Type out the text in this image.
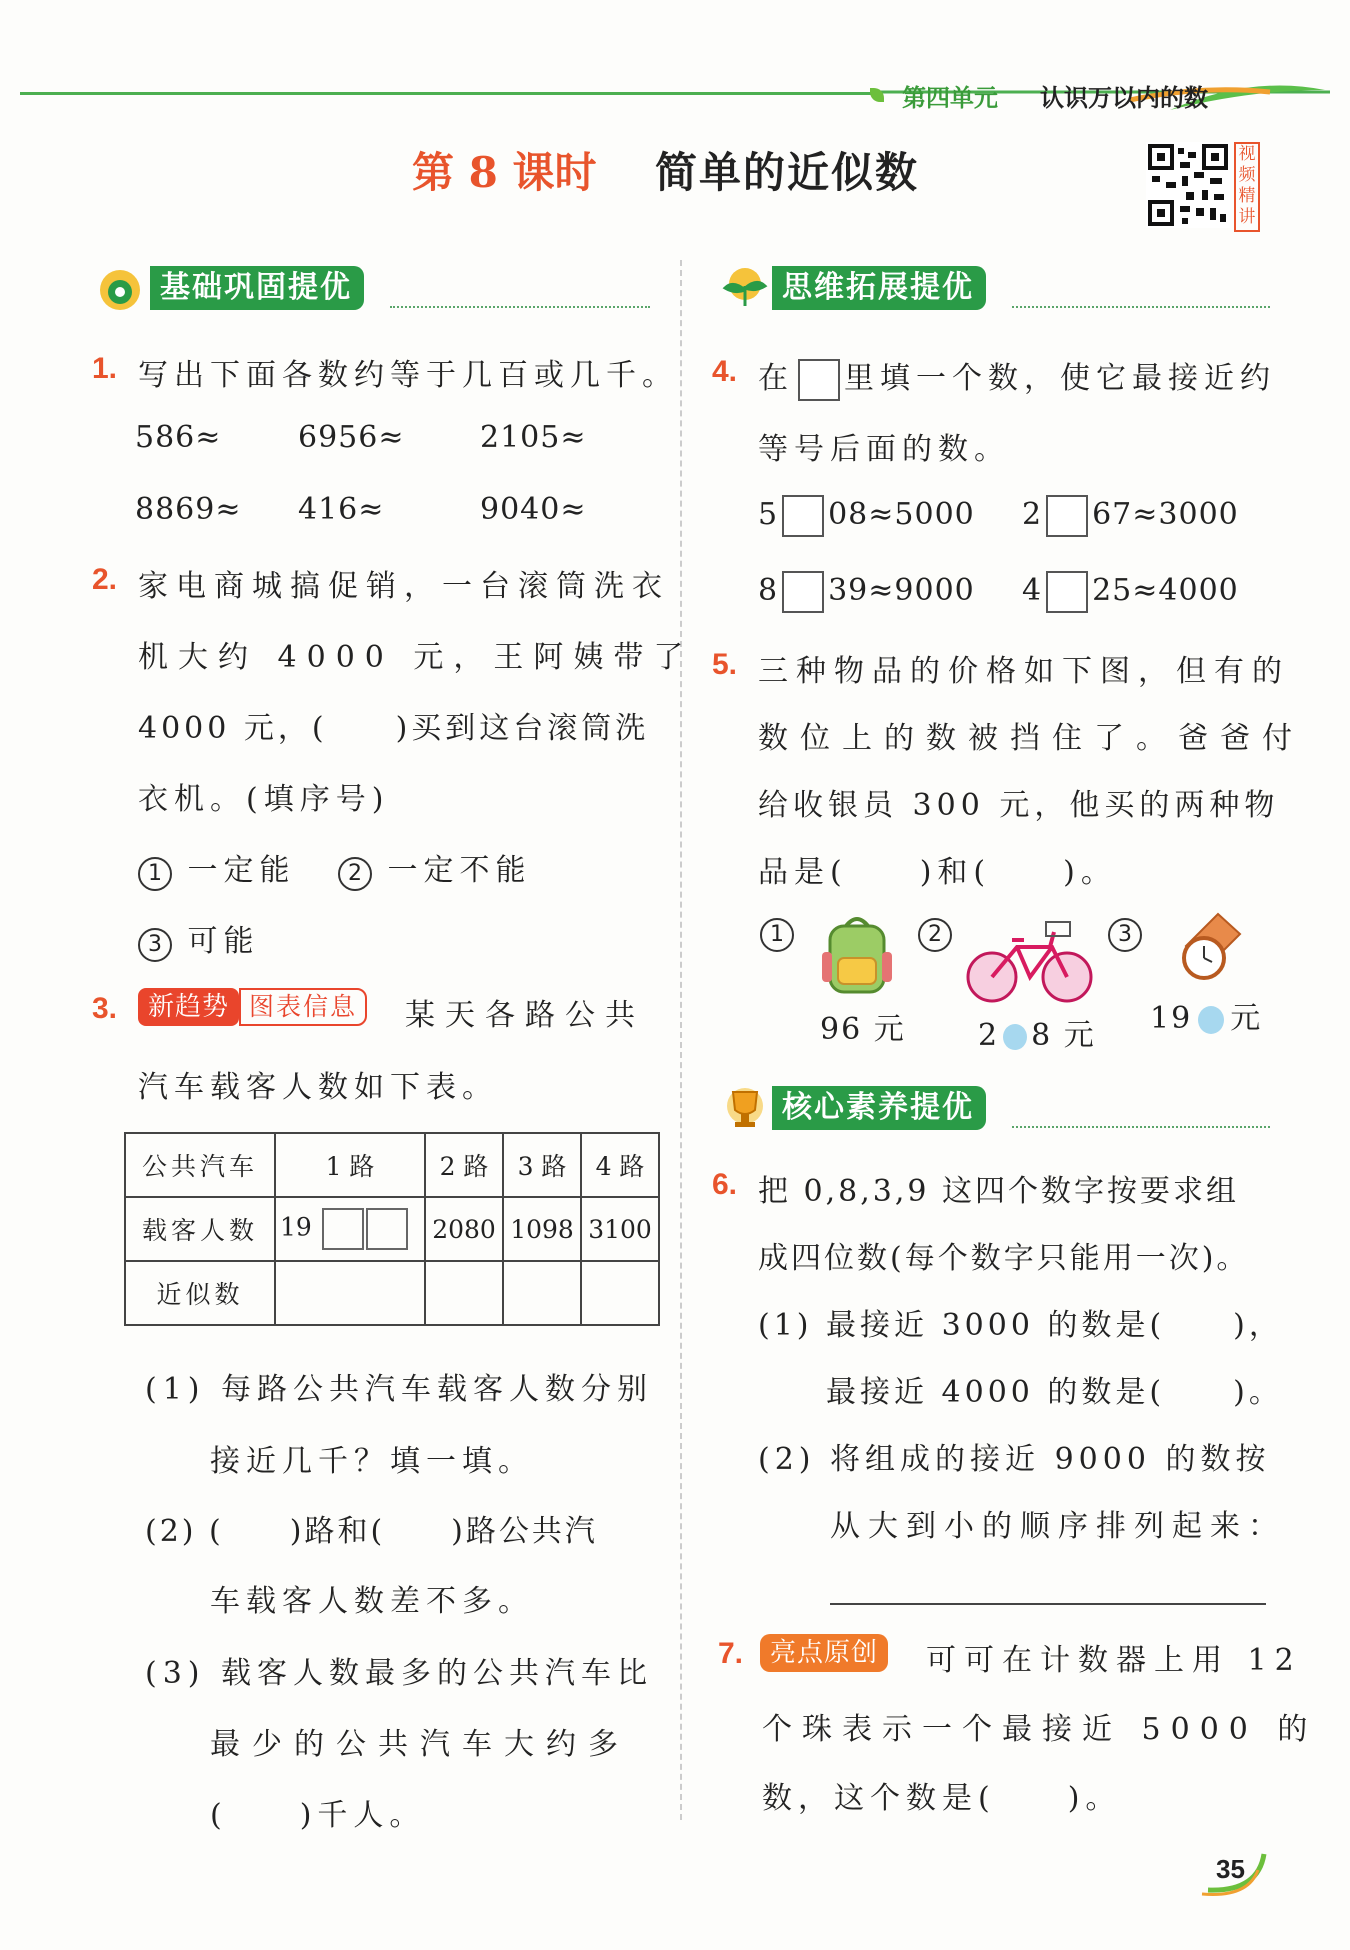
第四单元 认识万以内的数
第 8 课时 简单的近似数	视频精讲
基础巩固提优
1. 写出下面各数约等于几百或几千。
586≈	6956≈	2105≈
8869≈ 416≈	9040≈
2. 家电商城搞促销，一台滚筒洗衣
机大约 4000 元，王阿姨带了
4000 元，(　　)买到这台滚筒洗
衣机。(填序号)
1 一定能	2 一定不能
3 可能
3.	新趋势 图表信息	某天各路公共
汽车载客人数如下表。
公共汽车	1 路	2 路	3 路	4 路
载客人数	19	2080	1098	3100
近似数				
(1) 每路公共汽车载客人数分别
接近几千？填一填。
(2) (　　)路和(　　)路公共汽
车载客人数差不多。
(3) 载客人数最多的公共汽车比
最少的公共汽车大约多
(　　)千人。
思维拓展提优
4. 在 里填一个数，使它最接近约
等号后面的数。
5 08≈5000 2 67≈3000
8 39≈9000 4 25≈4000
5. 三种物品的价格如下图，但有的
数位上的数被挡住了。爸爸付
给收银员 300 元，他买的两种物
品是(　　)和(　　)。
1
96 元
2
2 8 元
3
19 元
核心素养提优
6. 把 0,8,3,9 这四个数字按要求组
成四位数(每个数字只能用一次)。
(1) 最接近 3000 的数是(　　)，
最接近 4000 的数是(　　)。
(2) 将组成的接近 9000 的数按
从大到小的顺序排列起来：
7.	亮点原创	可可在计数器上用 12
个珠表示一个最接近 5000 的
数，这个数是(　　)。
35
